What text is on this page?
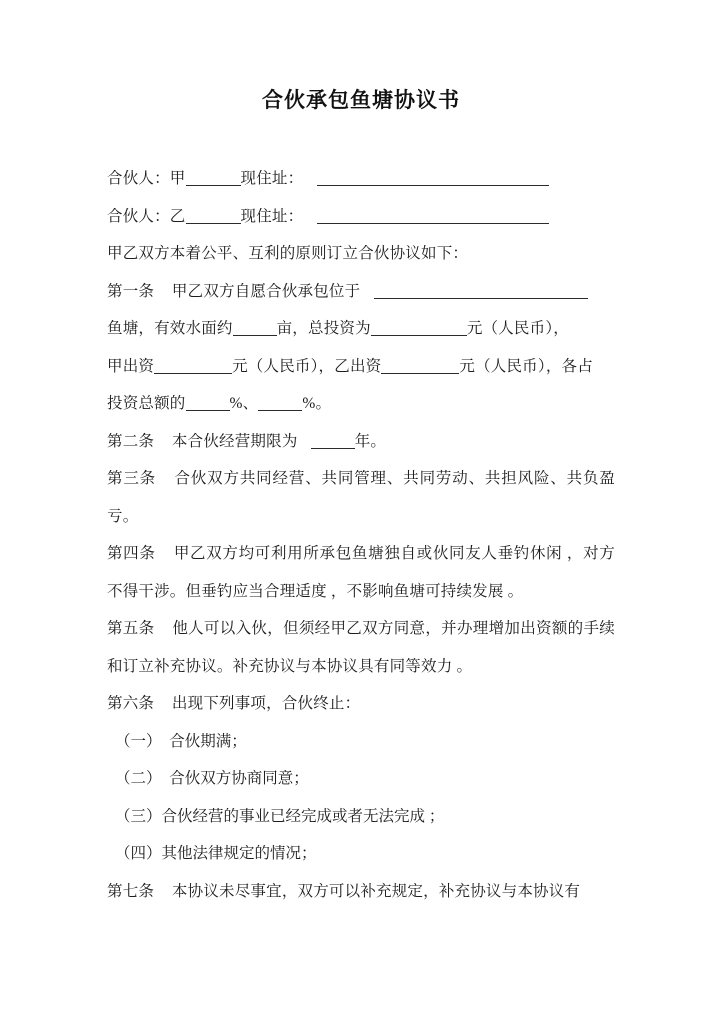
合伙承包鱼塘协议书

合伙人：甲	现住址：

合伙人：乙	现住址：

甲乙双方本着公平、互利的原则订立合伙协议如下：

第一条 甲乙双方自愿合伙承包位于

鱼塘，有效水面约	亩，总投资为	元（人民币），

甲出资	元（人民币），乙出资	元（人民币），各占

投资总额的	%、	%。

第二条 本合伙经营期限为	年。

第三条 合伙双方共同经营、共同管理、共同劳动、共担风险、共负盈亏。

第四条 甲乙双方均可利用所承包鱼塘独自或伙同友人垂钓休闲 ，对方不得干涉。但垂钓应当合理适度 ，不影响鱼塘可持续发展 。

第五条 他人可以入伙，但须经甲乙双方同意，并办理增加出资额的手续和订立补充协议。补充协议与本协议具有同等效力 。

第六条 出现下列事项，合伙终止：

（一）　合伙期满；

（二）　合伙双方协商同意；

（三）合伙经营的事业已经完成或者无法完成 ；

（四）其他法律规定的情况；

第七条 本协议未尽事宜，双方可以补充规定，补充协议与本协议有
